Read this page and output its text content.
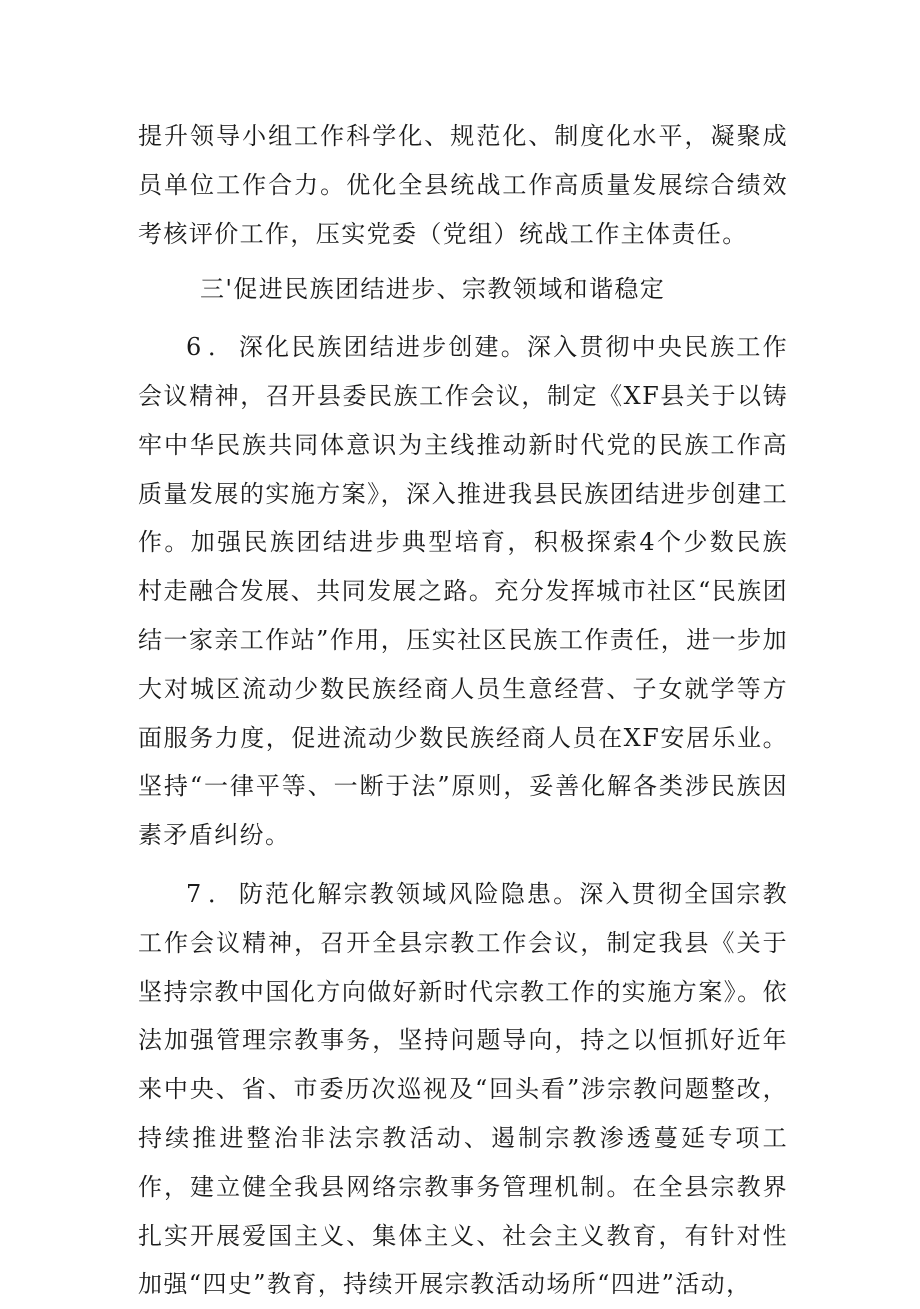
提升领导小组工作科学化、规范化、制度化水平，凝聚成员单位工作合力。优化全县统战工作高质量发展综合绩效考核评价工作，压实党委（党组）统战工作主体责任。

三'促进民族团结进步、宗教领域和谐稳定

6．深化民族团结进步创建。深入贯彻中央民族工作会议精神，召开县委民族工作会议，制定《XF县关于以铸牢中华民族共同体意识为主线推动新时代党的民族工作高质量发展的实施方案》，深入推进我县民族团结进步创建工作。加强民族团结进步典型培育，积极探索4个少数民族村走融合发展、共同发展之路。充分发挥城市社区“民族团结一家亲工作站”作用，压实社区民族工作责任，进一步加大对城区流动少数民族经商人员生意经营、子女就学等方面服务力度，促进流动少数民族经商人员在XF安居乐业。坚持“一律平等、一断于法”原则，妥善化解各类涉民族因素矛盾纠纷。

7．防范化解宗教领域风险隐患。深入贯彻全国宗教工作会议精神，召开全县宗教工作会议，制定我县《关于坚持宗教中国化方向做好新时代宗教工作的实施方案》。依法加强管理宗教事务，坚持问题导向，持之以恒抓好近年来中央、省、市委历次巡视及“回头看”涉宗教问题整改，持续推进整治非法宗教活动、遏制宗教渗透蔓延专项工作，建立健全我县网络宗教事务管理机制。在全县宗教界扎实开展爱国主义、集体主义、社会主义教育，有针对性加强“四史”教育，持续开展宗教活动场所“四进”活动，
